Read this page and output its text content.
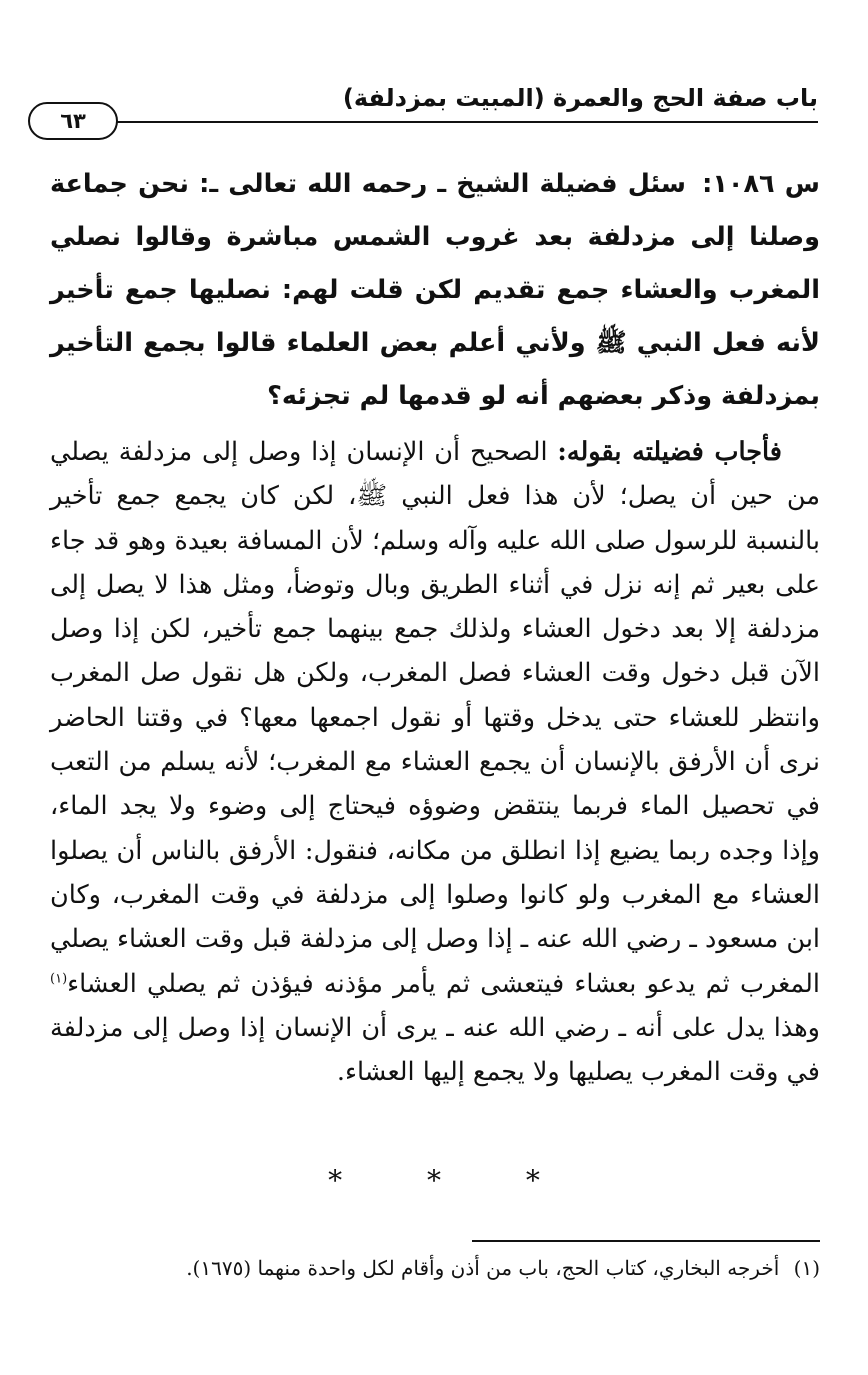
باب صفة الحج والعمرة (المبيت بمزدلفة)
٦٣
س ١٠٨٦: سئل فضيلة الشيخ ـ رحمه الله تعالى ـ: نحن جماعة وصلنا إلى مزدلفة بعد غروب الشمس مباشرة وقالوا نصلي المغرب والعشاء جمع تقديم لكن قلت لهم: نصليها جمع تأخير لأنه فعل النبي ﷺ ولأني أعلم بعض العلماء قالوا بجمع التأخير بمزدلفة وذكر بعضهم أنه لو قدمها لم تجزئه؟
فأجاب فضيلته بقوله: الصحيح أن الإنسان إذا وصل إلى مزدلفة يصلي من حين أن يصل؛ لأن هذا فعل النبي ﷺ، لكن كان يجمع جمع تأخير بالنسبة للرسول صلى الله عليه وآله وسلم؛ لأن المسافة بعيدة وهو قد جاء على بعير ثم إنه نزل في أثناء الطريق وبال وتوضأ، ومثل هذا لا يصل إلى مزدلفة إلا بعد دخول العشاء ولذلك جمع بينهما جمع تأخير، لكن إذا وصل الآن قبل دخول وقت العشاء فصل المغرب، ولكن هل نقول صل المغرب وانتظر للعشاء حتى يدخل وقتها أو نقول اجمعها معها؟ في وقتنا الحاضر نرى أن الأرفق بالإنسان أن يجمع العشاء مع المغرب؛ لأنه يسلم من التعب في تحصيل الماء فربما ينتقض وضوؤه فيحتاج إلى وضوء ولا يجد الماء، وإذا وجده ربما يضيع إذا انطلق من مكانه، فنقول: الأرفق بالناس أن يصلوا العشاء مع المغرب ولو كانوا وصلوا إلى مزدلفة في وقت المغرب، وكان ابن مسعود ـ رضي الله عنه ـ إذا وصل إلى مزدلفة قبل وقت العشاء يصلي المغرب ثم يدعو بعشاء فيتعشى ثم يأمر مؤذنه فيؤذن ثم يصلي العشاء$^{(١)}$ وهذا يدل على أنه ـ رضي الله عنه ـ يرى أن الإنسان إذا وصل إلى مزدلفة في وقت المغرب يصليها ولا يجمع إليها العشاء.
* * *
(١) أخرجه البخاري، كتاب الحج، باب من أذن وأقام لكل واحدة منهما (١٦٧٥).
